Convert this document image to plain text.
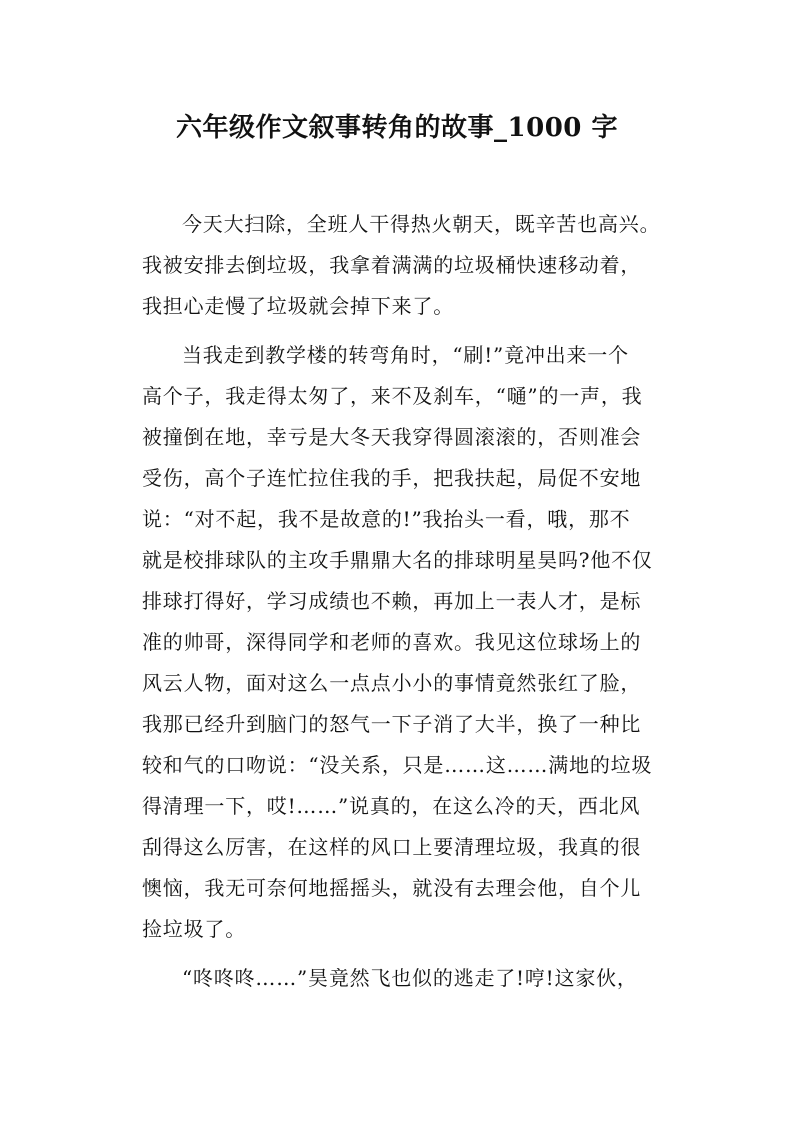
六年级作文叙事转角的故事_1000 字

今天大扫除，全班人干得热火朝天，既辛苦也高兴。
我被安排去倒垃圾，我拿着满满的垃圾桶快速移动着，
我担心走慢了垃圾就会掉下来了。

当我走到教学楼的转弯角时，“刷!”竟冲出来一个
高个子，我走得太匆了，来不及刹车，“嗵”的一声，我
被撞倒在地，幸亏是大冬天我穿得圆滚滚的，否则准会
受伤，高个子连忙拉住我的手，把我扶起，局促不安地
说：“对不起，我不是故意的!”我抬头一看，哦，那不
就是校排球队的主攻手鼎鼎大名的排球明星昊吗?他不仅
排球打得好，学习成绩也不赖，再加上一表人才，是标
准的帅哥，深得同学和老师的喜欢。我见这位球场上的
风云人物，面对这么一点点小小的事情竟然张红了脸，
我那已经升到脑门的怒气一下子消了大半，换了一种比
较和气的口吻说：“没关系，只是……这……满地的垃圾
得清理一下，哎!……”说真的，在这么冷的天，西北风
刮得这么厉害，在这样的风口上要清理垃圾，我真的很
懊恼，我无可奈何地摇摇头，就没有去理会他，自个儿
捡垃圾了。

“咚咚咚……”昊竟然飞也似的逃走了!哼!这家伙，
